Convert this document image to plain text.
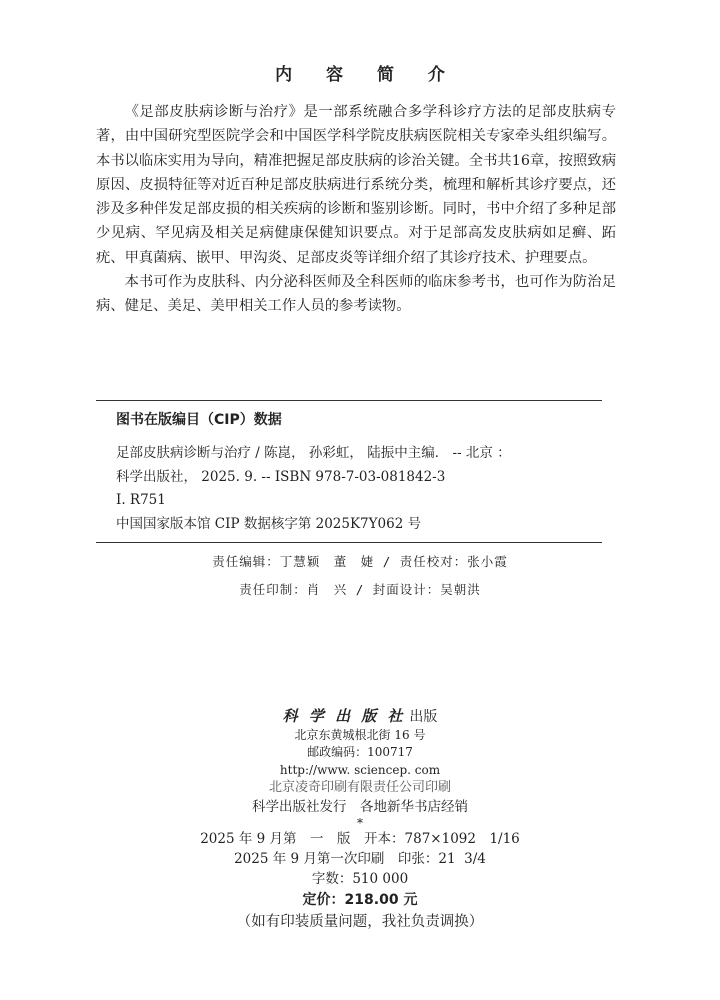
内 容 简 介

《足部皮肤病诊断与治疗》是一部系统融合多学科诊疗方法的足部皮肤病专著，由中国研究型医院学会和中国医学科学院皮肤病医院相关专家牵头组织编写。本书以临床实用为导向，精准把握足部皮肤病的诊治关键。全书共16章，按照致病原因、皮损特征等对近百种足部皮肤病进行系统分类，梳理和解析其诊疗要点，还涉及多种伴发足部皮损的相关疾病的诊断和鉴别诊断。同时，书中介绍了多种足部少见病、罕见病及相关足病健康保健知识要点。对于足部高发皮肤病如足癣、跖疣、甲真菌病、嵌甲、甲沟炎、足部皮炎等详细介绍了其诊疗技术、护理要点。

本书可作为皮肤科、内分泌科医师及全科医师的临床参考书，也可作为防治足病、健足、美足、美甲相关工作人员的参考读物。

图书在版编目（CIP）数据
足部皮肤病诊断与治疗 / 陈崑， 孙彩虹， 陆振中主编． -- 北京 ：
科学出版社， 2025. 9. -- ISBN 978-7-03-081842-3
Ⅰ. R751
中国国家版本馆 CIP 数据核字第 2025K7Y062 号
责任编辑：丁慧颖　董　婕 / 责任校对：张小霞
责任印制：肖　兴 / 封面设计：吴朝洪
科 学 出 版 社 出版
北京东黄城根北街 16 号
邮政编码：100717
http://www. sciencep. com
北京凌奇印刷有限责任公司印刷
科学出版社发行　各地新华书店经销
*
2025 年 9 月第　一　版　开本：787×1092　1/16
2025 年 9 月第一次印刷　印张：21  3/4
字数：510 000
定价：218.00 元
（如有印装质量问题，我社负责调换）
